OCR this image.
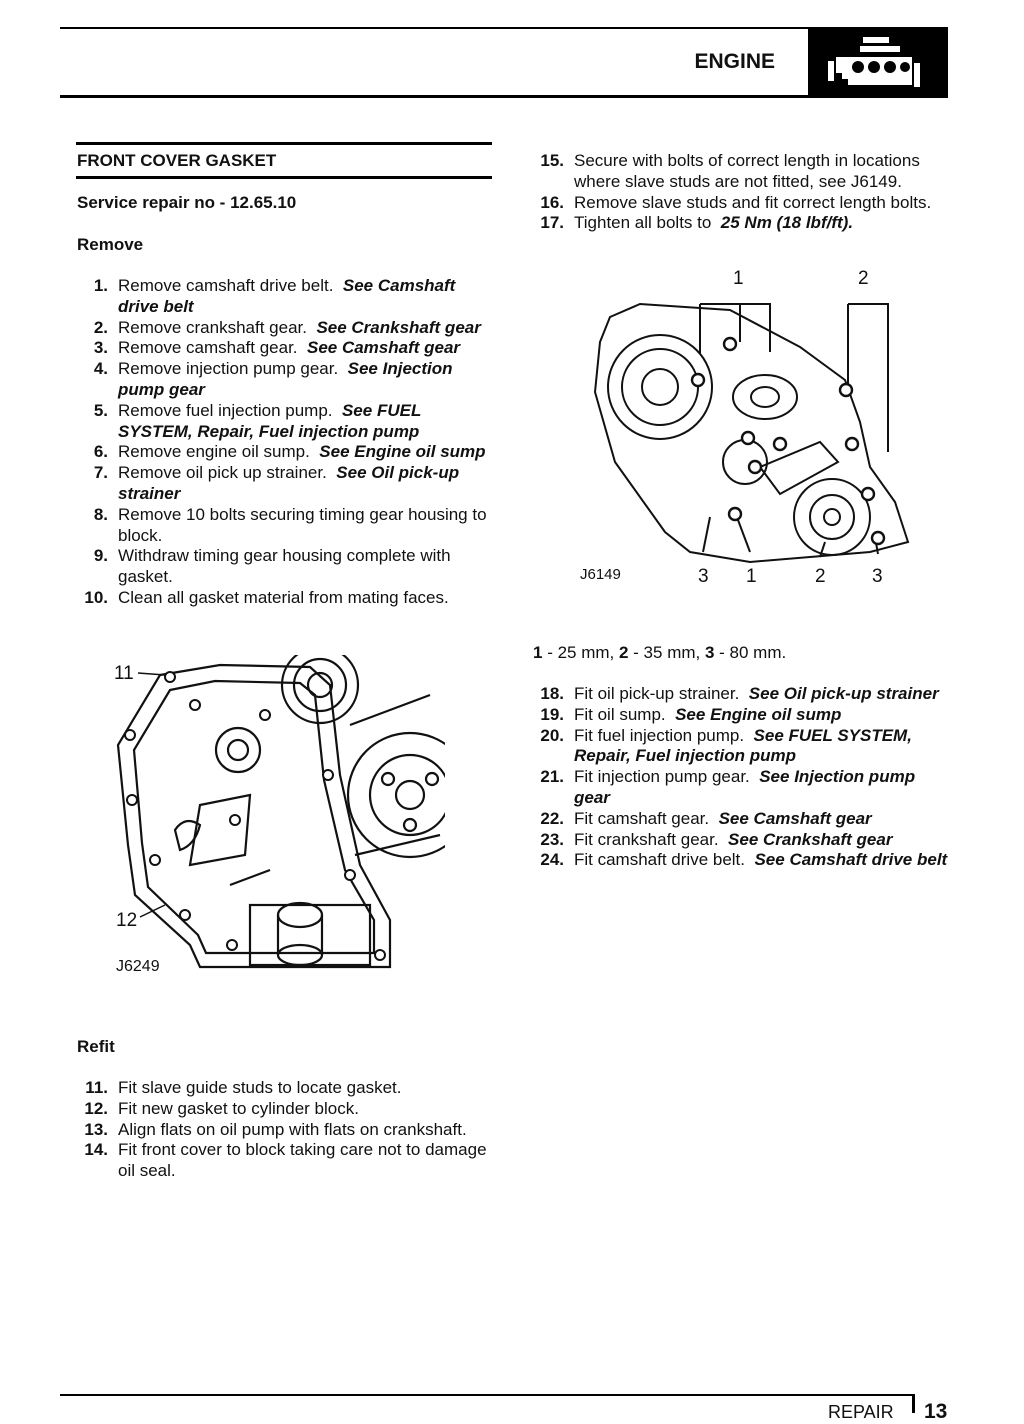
ENGINE
FRONT COVER GASKET
Service repair no - 12.65.10
Remove
1. Remove camshaft drive belt. See Camshaft drive belt
2. Remove crankshaft gear. See Crankshaft gear
3. Remove camshaft gear. See Camshaft gear
4. Remove injection pump gear. See Injection pump gear
5. Remove fuel injection pump. See FUEL SYSTEM, Repair, Fuel injection pump
6. Remove engine oil sump. See Engine oil sump
7. Remove oil pick up strainer. See Oil pick-up strainer
8. Remove 10 bolts securing timing gear housing to block.
9. Withdraw timing gear housing complete with gasket.
10. Clean all gasket material from mating faces.
11
12
J6249
Refit
11. Fit slave guide studs to locate gasket.
12. Fit new gasket to cylinder block.
13. Align flats on oil pump with flats on crankshaft.
14. Fit front cover to block taking care not to damage oil seal.
15. Secure with bolts of correct length in locations where slave studs are not fitted, see J6149.
16. Remove slave studs and fit correct length bolts.
17. Tighten all bolts to 25 Nm (18 lbf/ft).
1	2
3 1	2 3
J6149
1 - 25 mm, 2 - 35 mm, 3 - 80 mm.
18. Fit oil pick-up strainer. See Oil pick-up strainer
19. Fit oil sump. See Engine oil sump
20. Fit fuel injection pump. See FUEL SYSTEM, Repair, Fuel injection pump
21. Fit injection pump gear. See Injection pump gear
22. Fit camshaft gear. See Camshaft gear
23. Fit crankshaft gear. See Crankshaft gear
24. Fit camshaft drive belt. See Camshaft drive belt
REPAIR 13
